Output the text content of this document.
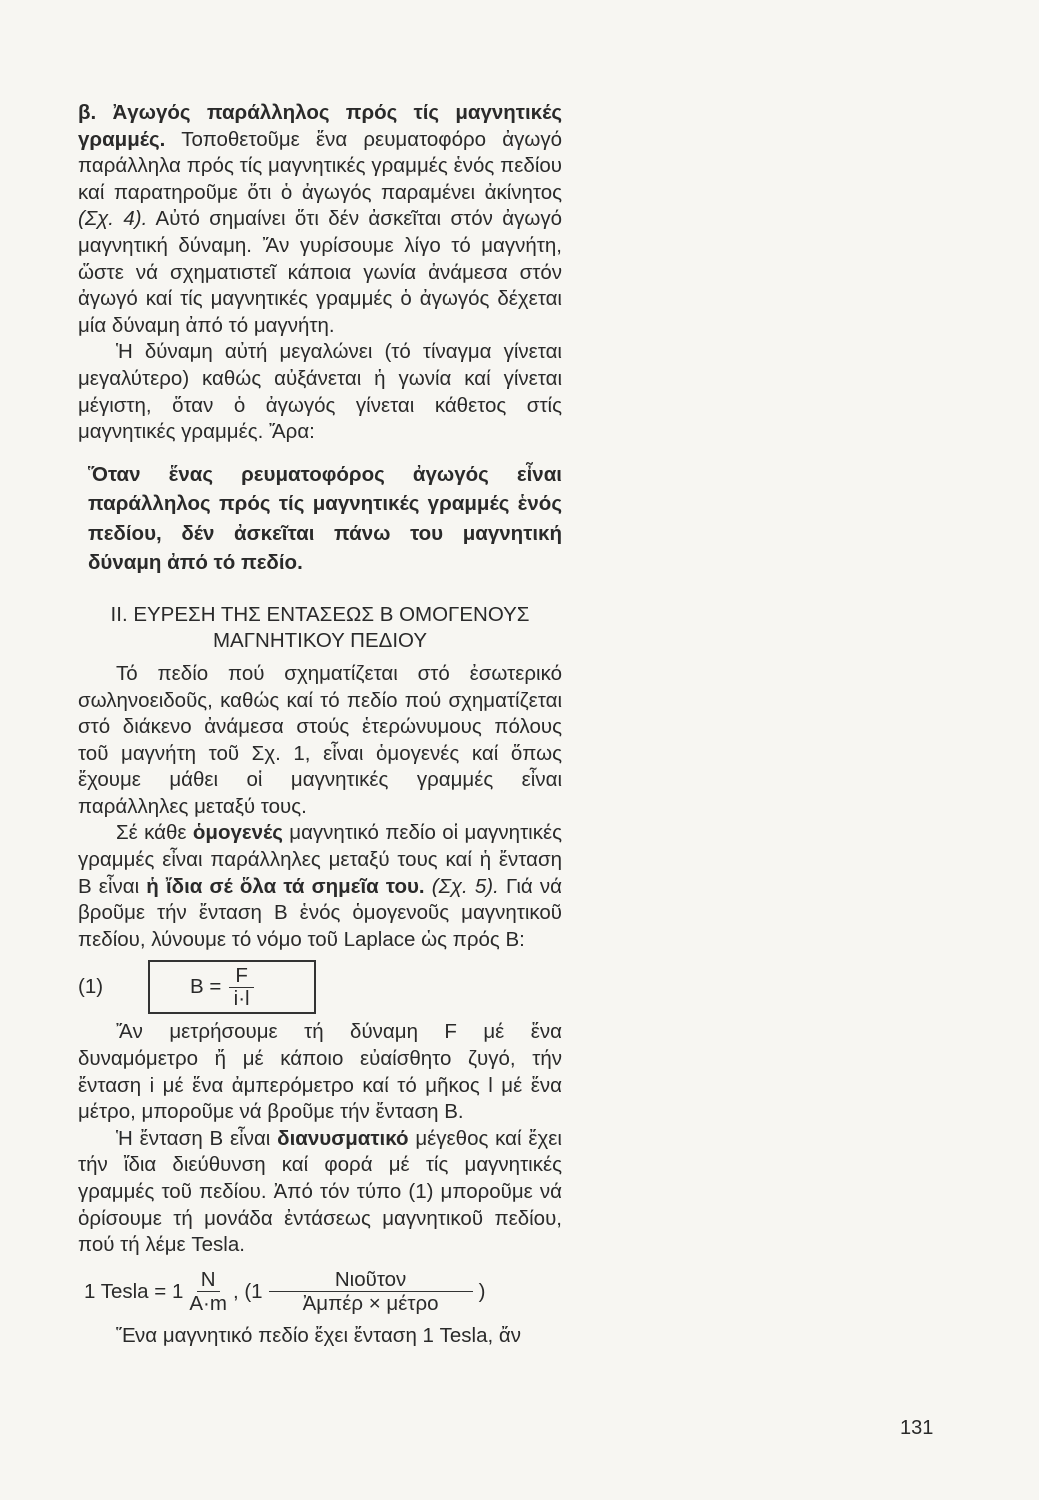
β. Ἀγωγός παράλληλος πρός τίς μαγνητικές γραμμές. Τοποθετοῦμε ἕνα ρευματοφόρο ἀγωγό παράλληλα πρός τίς μαγνητικές γραμμές ἑνός πεδίου καί παρατηροῦμε ὅτι ὁ ἀγωγός παραμένει ἀκίνητος (Σχ. 4). Αὐτό σημαίνει ὅτι δέν ἀσκεῖται στόν ἀγωγό μαγνητική δύναμη. Ἄν γυρίσουμε λίγο τό μαγνήτη, ὥστε νά σχηματιστεῖ κάποια γωνία ἀνάμεσα στόν ἀγωγό καί τίς μαγνητικές γραμμές ὁ ἀγωγός δέχεται μία δύναμη ἀπό τό μαγνήτη.

Ἡ δύναμη αὐτή μεγαλώνει (τό τίναγμα γίνεται μεγαλύτερο) καθώς αὐξάνεται ἡ γωνία καί γίνεται μέγιστη, ὅταν ὁ ἀγωγός γίνεται κάθετος στίς μαγνητικές γραμμές. Ἄρα:

Ὅταν ἕνας ρευματοφόρος ἀγωγός εἶναι παράλληλος πρός τίς μαγνητικές γραμμές ἑνός πεδίου, δέν ἀσκεῖται πάνω του μαγνητική δύναμη ἀπό τό πεδίο.

ΙΙ. ΕΥΡΕΣΗ ΤΗΣ ΕΝΤΑΣΕΩΣ Β ΟΜΟΓΕΝΟΥΣ
ΜΑΓΝΗΤΙΚΟΥ ΠΕΔΙΟΥ

Τό πεδίο πού σχηματίζεται στό ἐσωτερικό σωληνοειδοῦς, καθώς καί τό πεδίο πού σχηματίζεται στό διάκενο ἀνάμεσα στούς ἑτερώνυμους πόλους τοῦ μαγνήτη τοῦ Σχ. 1, εἶναι ὁμογενές καί ὅπως ἔχουμε μάθει οἱ μαγνητικές γραμμές εἶναι παράλληλες μεταξύ τους.

Σέ κάθε ὁμογενές μαγνητικό πεδίο οἱ μαγνητικές γραμμές εἶναι παράλληλες μεταξύ τους καί ἡ ἔνταση Β εἶναι ἡ ἴδια σέ ὅλα τά σημεῖα του. (Σχ. 5). Γιά νά βροῦμε τήν ἔνταση Β ἑνός ὁμογενοῦς μαγνητικοῦ πεδίου, λύνουμε τό νόμο τοῦ Laplace ὡς πρός Β:

(1)	$B = \frac{F}{i\cdot l}$

Ἄν μετρήσουμε τή δύναμη F μέ ἕνα δυναμόμετρο ἤ μέ κάποιο εὐαίσθητο ζυγό, τήν ἔνταση i μέ ἕνα ἀμπερόμετρο καί τό μῆκος l μέ ἕνα μέτρο, μποροῦμε νά βροῦμε τήν ἔνταση Β.

Ἡ ἔνταση Β εἶναι διανυσματικό μέγεθος καί ἔχει τήν ἴδια διεύθυνση καί φορά μέ τίς μαγνητικές γραμμές τοῦ πεδίου. Ἀπό τόν τύπο (1) μποροῦμε νά ὁρίσουμε τή μονάδα ἐντάσεως μαγνητικοῦ πεδίου, πού τή λέμε Tesla.

1 Tesla = $1 \frac{N}{A\cdot m}$ , ($1 \frac{\text{Νιοῦτον}}{\text{Ἀμπέρ × μέτρο}}$ )

Ἕνα μαγνητικό πεδίο ἔχει ἔνταση 1 Tesla, ἄν

131
